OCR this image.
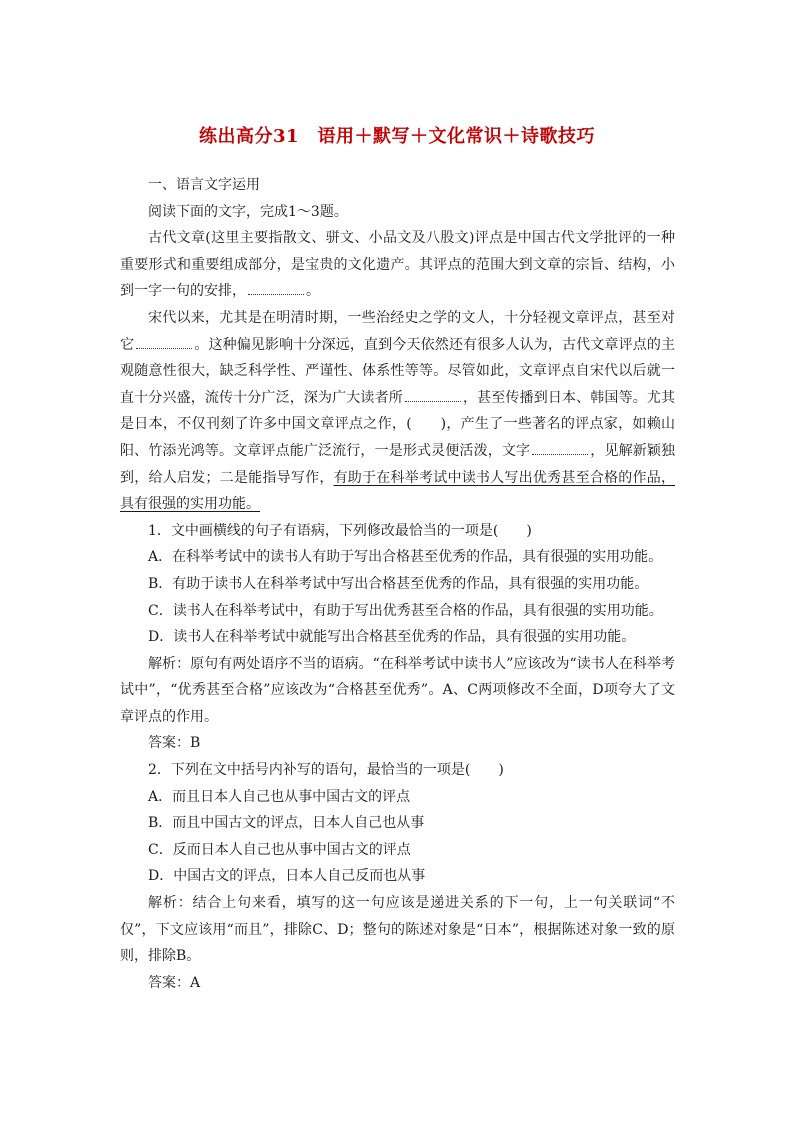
练出高分31　语用＋默写＋文化常识＋诗歌技巧

一、语言文字运用

阅读下面的文字，完成1～3题。

古代文章(这里主要指散文、骈文、小品文及八股文)评点是中国古代文学批评的一种重要形式和重要组成部分，是宝贵的文化遗产。其评点的范围大到文章的宗旨、结构，小到一字一句的安排，	。

宋代以来，尤其是在明清时期，一些治经史之学的文人，十分轻视文章评点，甚至对它	。这种偏见影响十分深远，直到今天依然还有很多人认为，古代文章评点的主观随意性很大，缺乏科学性、严谨性、体系性等等。尽管如此，文章评点自宋代以后就一直十分兴盛，流传十分广泛，深为广大读者所	，甚至传播到日本、韩国等。尤其是日本，不仅刊刻了许多中国文章评点之作，(　　)，产生了一些著名的评点家，如赖山阳、竹添光鸿等。文章评点能广泛流行，一是形式灵便活泼，文字	，见解新颖独到，给人启发；二是能指导写作，有助于在科举考试中读书人写出优秀甚至合格的作品，具有很强的实用功能。

1．文中画横线的句子有语病，下列修改最恰当的一项是(　　)

A．在科举考试中的读书人有助于写出合格甚至优秀的作品，具有很强的实用功能。

B．有助于读书人在科举考试中写出合格甚至优秀的作品，具有很强的实用功能。

C．读书人在科举考试中，有助于写出优秀甚至合格的作品，具有很强的实用功能。

D．读书人在科举考试中就能写出合格甚至优秀的作品，具有很强的实用功能。

解析：原句有两处语序不当的语病。“在科举考试中读书人”应该改为“读书人在科举考试中”，“优秀甚至合格”应该改为“合格甚至优秀”。A、C两项修改不全面，D项夸大了文章评点的作用。

答案：B

2．下列在文中括号内补写的语句，最恰当的一项是(　　)

A．而且日本人自己也从事中国古文的评点

B．而且中国古文的评点，日本人自己也从事

C．反而日本人自己也从事中国古文的评点

D．中国古文的评点，日本人自己反而也从事

解析：结合上句来看，填写的这一句应该是递进关系的下一句，上一句关联词“不仅”，下文应该用“而且”，排除C、D；整句的陈述对象是“日本”，根据陈述对象一致的原则，排除B。

答案：A
